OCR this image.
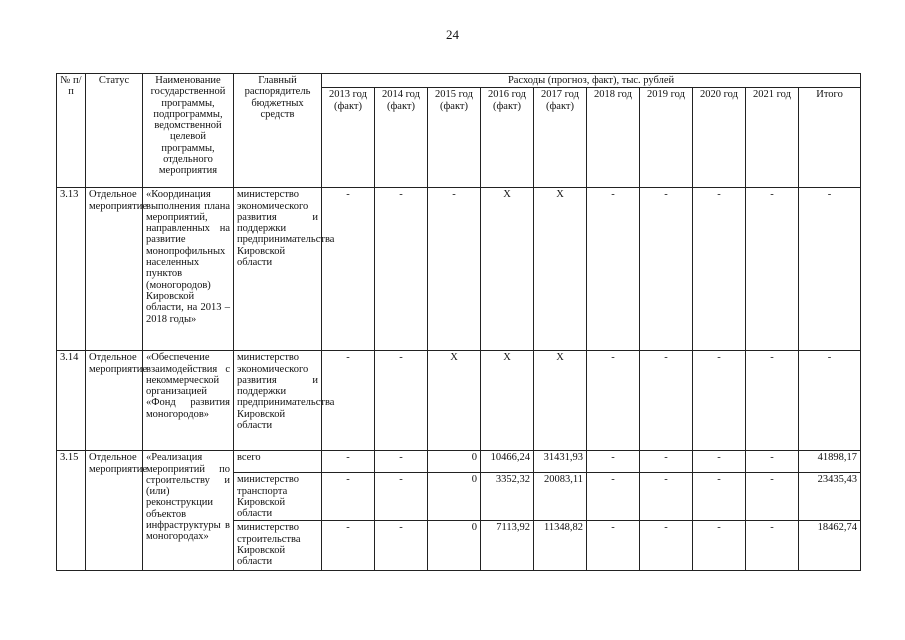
24
№ п/п	Статус	Наименование государственной программы, подпрограммы, ведомственной целевой программы, отдельного мероприятия	Главный распорядитель бюджетных средств	Расходы (прогноз, факт), тыс. рублей									
				2013 год (факт)	2014 год (факт)	2015 год (факт)	2016 год (факт)	2017 год (факт)	2018 год	2019 год	2020 год	2021 год	Итого
3.13	Отдельное мероприятие	«Координация выполнения плана мероприятий, направленных на развитие монопрофильных населенных пунктов (моногородов) Кировской области, на 2013 – 2018 годы»	министерство экономического развития и поддержки предпринимательства Кировской области	-	-	-	X	X	-	-	-	-	-
3.14	Отдельное мероприятие	«Обеспечение взаимодействия с некоммерческой организацией «Фонд развития моногородов»	министерство экономического развития и поддержки предпринимательства Кировской области	-	-	X	X	X	-	-	-	-	-
3.15	Отдельное мероприятие	«Реализация мероприятий по строительству и (или) реконструкции объектов инфраструктуры в моногородах»	всего	-	-	0	10466,24	31431,93	-	-	-	-	41898,17
			министерство транспорта Кировской области	-	-	0	3352,32	20083,11	-	-	-	-	23435,43
			министерство строительства Кировской области	-	-	0	7113,92	11348,82	-	-	-	-	18462,74
